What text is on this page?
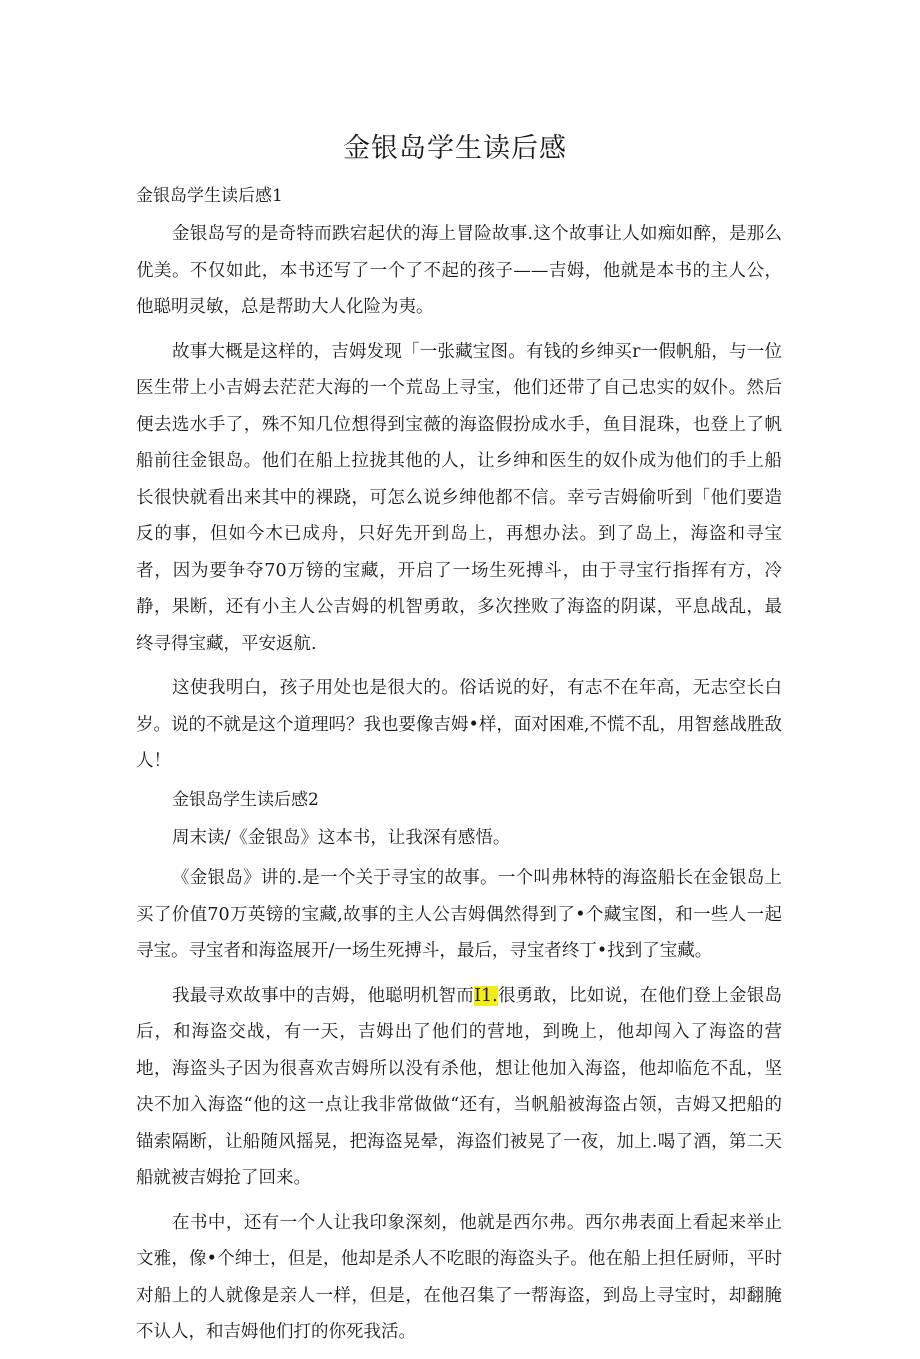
金银岛学生读后感
金银岛学生读后感1

金银岛写的是奇特而跌宕起伏的海上冒险故事.这个故事让人如痴如醉，是那么优美。不仅如此，本书还写了一个了不起的孩子——吉姆，他就是本书的主人公，他聪明灵敏，总是帮助大人化险为夷。

故事大概是这样的，吉姆发现「一张藏宝图。有钱的乡绅买r一假帆船，与一位医生带上小吉姆去茫茫大海的一个荒岛上寻宝，他们还带了自己忠实的奴仆。然后便去选水手了，殊不知几位想得到宝薇的海盗假扮成水手，鱼目混珠，也登上了帆船前往金银岛。他们在船上拉拢其他的人，让乡绅和医生的奴仆成为他们的手上船长很快就看出来其中的裸跷，可怎么说乡绅他都不信。幸亏吉姆偷听到「他们要造反的事，但如今木已成舟，只好先开到岛上，再想办法。到了岛上，海盗和寻宝者，因为要争夺70万镑的宝藏，开启了一场生死搏斗，由于寻宝行指挥有方，冷静，果断，还有小主人公吉姆的机智勇敢，多次挫败了海盗的阴谋，平息战乱，最终寻得宝藏，平安返航.

这使我明白，孩子用处也是很大的。俗话说的好，有志不在年高，无志空长白岁。说的不就是这个道理吗？我也要像吉姆•样，面对困难,不慌不乱，用智慈战胜敌人！

金银岛学生读后感2

周末读/《金银岛》这本书，让我深有感悟。

《金银岛》讲的.是一个关于寻宝的故事。一个叫弗林特的海盗船长在金银岛上买了价值70万英镑的宝藏,故事的主人公吉姆偶然得到了•个藏宝图，和一些人一起寻宝。寻宝者和海盗展开/一场生死搏斗，最后，寻宝者终丁•找到了宝藏。

我最寻欢故事中的吉姆，他聪明机智而I1.很勇敢，比如说，在他们登上金银岛后，和海盗交战，有一天，吉姆出了他们的营地，到晚上，他却闯入了海盗的营地，海盗头子因为很喜欢吉姆所以没有杀他，想让他加入海盗，他却临危不乱，坚决不加入海盗“他的这一点让我非常做做“还有，当帆船被海盗占领，吉姆又把船的锚索隔断，让船随风摇晃，把海盗晃晕，海盗们被晃了一夜，加上.喝了酒，第二天船就被吉姆抢了回来。

在书中，还有一个人让我印象深刻，他就是西尔弗。西尔弗表面上看起来举止文雅，像•个绅士，但是，他却是杀人不吃眼的海盗头子。他在船上担任厨师，平时对船上的人就像是亲人一样，但是，在他召集了一帮海盗，到岛上寻宝时，却翻腌不认人，和吉姆他们打的你死我活。
